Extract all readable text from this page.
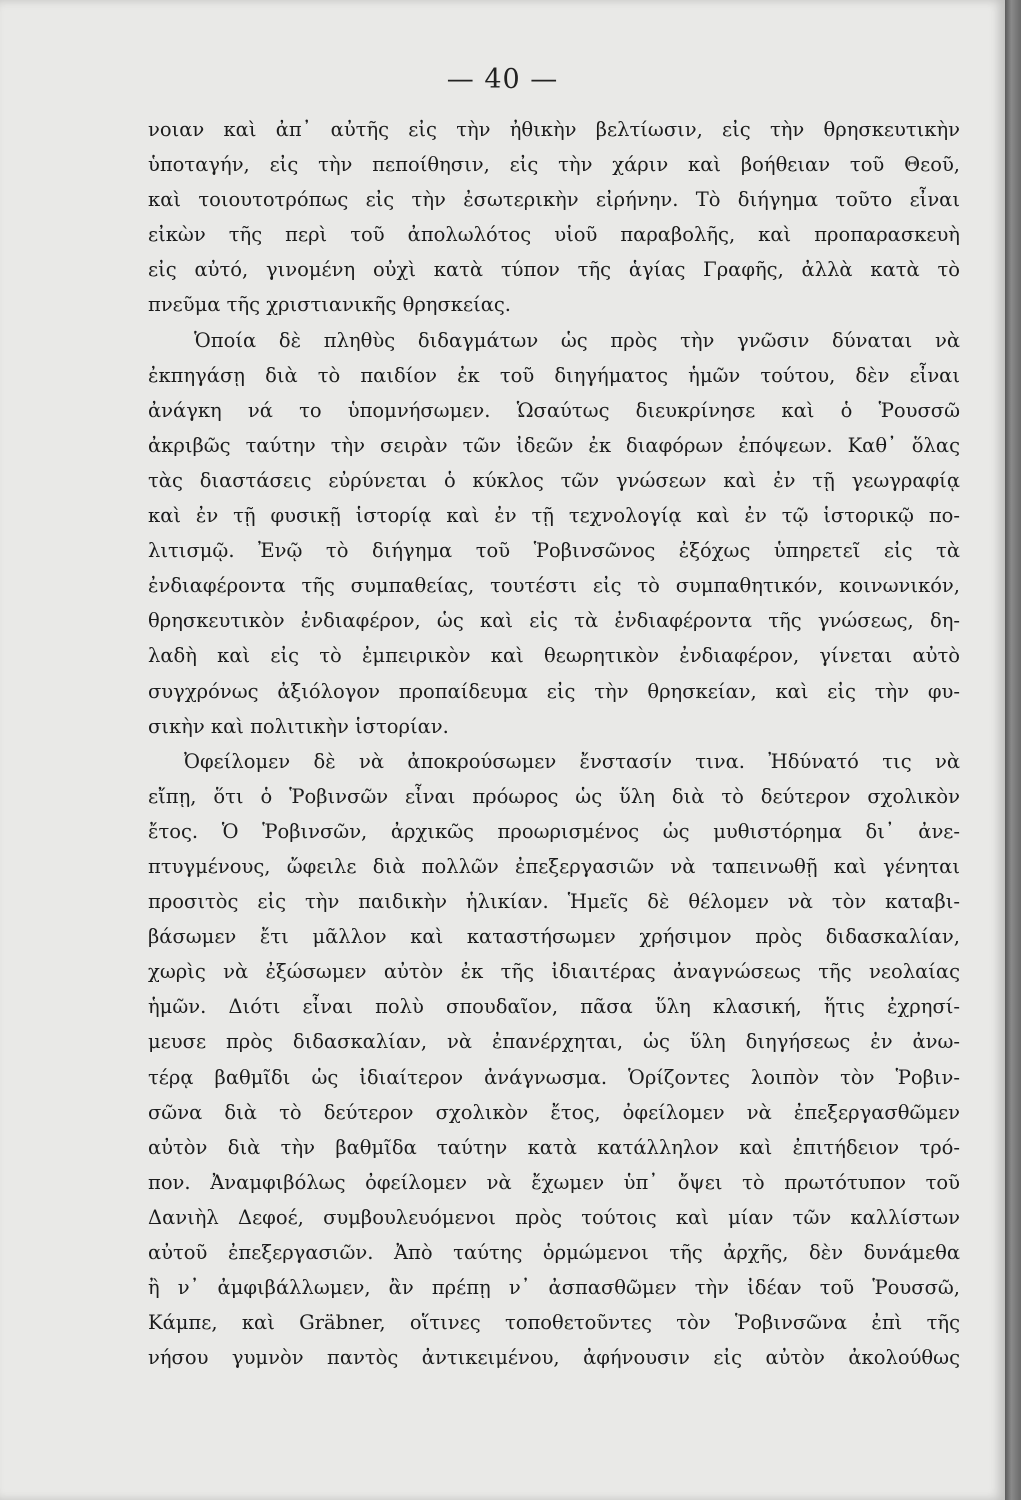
— 40 —
νοιαν καὶ ἀπ᾿ αὐτῆς εἰς τὴν ἠθικὴν βελτίωσιν, εἰς τὴν θρησκευτικὴν
ὑποταγήν, εἰς τὴν πεποίθησιν, εἰς τὴν χάριν καὶ βοήθειαν τοῦ Θεοῦ,
καὶ τοιουτοτρόπως εἰς τὴν ἐσωτερικὴν εἰρήνην. Τὸ διήγημα τοῦτο εἶναι
εἰκὼν τῆς περὶ τοῦ ἀπολωλότος υἱοῦ παραβολῆς, καὶ προπαρασκευὴ
εἰς αὐτό, γινομένη οὐχὶ κατὰ τύπον τῆς ἁγίας Γραφῆς, ἀλλὰ κατὰ τὸ
πνεῦμα τῆς χριστιανικῆς θρησκείας.
Ὁποία δὲ πληθὺς διδαγμάτων ὡς πρὸς τὴν γνῶσιν δύναται νὰ
ἐκπηγάσῃ διὰ τὸ παιδίον ἐκ τοῦ διηγήματος ἡμῶν τούτου, δὲν εἶναι
ἀνάγκη νά το ὑπομνήσωμεν. Ὡσαύτως διευκρίνησε καὶ ὁ Ῥουσσῶ
ἀκριβῶς ταύτην τὴν σειρὰν τῶν ἰδεῶν ἐκ διαφόρων ἐπόψεων. Καθ᾿ ὅλας
τὰς διαστάσεις εὐρύνεται ὁ κύκλος τῶν γνώσεων καὶ ἐν τῇ γεωγραφίᾳ
καὶ ἐν τῇ φυσικῇ ἱστορίᾳ καὶ ἐν τῇ τεχνολογίᾳ καὶ ἐν τῷ ἱστορικῷ πο-
λιτισμῷ. Ἐνῷ τὸ διήγημα τοῦ Ῥοβινσῶνος ἐξόχως ὑπηρετεῖ εἰς τὰ
ἐνδιαφέροντα τῆς συμπαθείας, τουτέστι εἰς τὸ συμπαθητικόν, κοινωνικόν,
θρησκευτικὸν ἐνδιαφέρον, ὡς καὶ εἰς τὰ ἐνδιαφέροντα τῆς γνώσεως, δη-
λαδὴ καὶ εἰς τὸ ἐμπειρικὸν καὶ θεωρητικὸν ἐνδιαφέρον, γίνεται αὐτὸ
συγχρόνως ἀξιόλογον προπαίδευμα εἰς τὴν θρησκείαν, καὶ εἰς τὴν φυ-
σικὴν καὶ πολιτικὴν ἱστορίαν.
Ὀφείλομεν δὲ νὰ ἀποκρούσωμεν ἔνστασίν τινα. Ἠδύνατό τις νὰ
εἴπῃ, ὅτι ὁ Ῥοβινσῶν εἶναι πρόωρος ὡς ὕλη διὰ τὸ δεύτερον σχολικὸν
ἔτος. Ὁ Ῥοβινσῶν, ἀρχικῶς προωρισμένος ὡς μυθιστόρημα δι᾿ ἀνε-
πτυγμένους, ὤφειλε διὰ πολλῶν ἐπεξεργασιῶν νὰ ταπεινωθῇ καὶ γένηται
προσιτὸς εἰς τὴν παιδικὴν ἡλικίαν. Ἡμεῖς δὲ θέλομεν νὰ τὸν καταβι-
βάσωμεν ἔτι μᾶλλον καὶ καταστήσωμεν χρήσιμον πρὸς διδασκαλίαν,
χωρὶς νὰ ἐξώσωμεν αὐτὸν ἐκ τῆς ἰδιαιτέρας ἀναγνώσεως τῆς νεολαίας
ἡμῶν. Διότι εἶναι πολὺ σπουδαῖον, πᾶσα ὕλη κλασική, ἥτις ἐχρησί-
μευσε πρὸς διδασκαλίαν, νὰ ἐπανέρχηται, ὡς ὕλη διηγήσεως ἐν ἀνω-
τέρᾳ βαθμῖδι ὡς ἰδιαίτερον ἀνάγνωσμα. Ὁρίζοντες λοιπὸν τὸν Ῥοβιν-
σῶνα διὰ τὸ δεύτερον σχολικὸν ἔτος, ὀφείλομεν νὰ ἐπεξεργασθῶμεν
αὐτὸν διὰ τὴν βαθμῖδα ταύτην κατὰ κατάλληλον καὶ ἐπιτήδειον τρό-
πον. Ἀναμφιβόλως ὀφείλομεν νὰ ἔχωμεν ὑπ᾿ ὄψει τὸ πρωτότυπον τοῦ
Δανιὴλ Δεφοέ, συμβουλευόμενοι πρὸς τούτοις καὶ μίαν τῶν καλλίστων
αὐτοῦ ἐπεξεργασιῶν. Ἀπὸ ταύτης ὁρμώμενοι τῆς ἀρχῆς, δὲν δυνάμεθα
ἢ ν᾿ ἀμφιβάλλωμεν, ἂν πρέπῃ ν᾿ ἀσπασθῶμεν τὴν ἰδέαν τοῦ Ῥουσσῶ,
Κάμπε, καὶ Gräbner, οἵτινες τοποθετοῦντες τὸν Ῥοβινσῶνα ἐπὶ τῆς
νήσου γυμνὸν παντὸς ἀντικειμένου, ἀφήνουσιν εἰς αὐτὸν ἀκολούθως
